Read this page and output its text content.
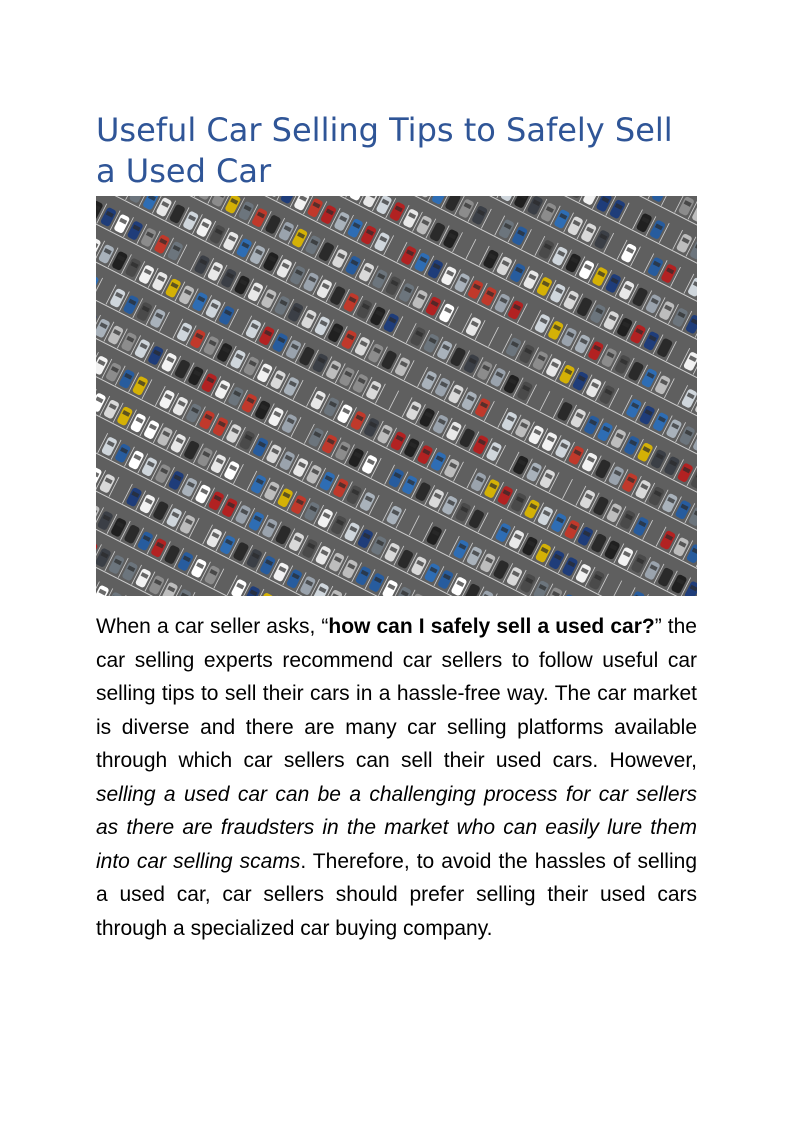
Useful Car Selling Tips to Safely Sell a Used Car

When a car seller asks, “how can I safely sell a used car?” the car selling experts recommend car sellers to follow useful car selling tips to sell their cars in a hassle-free way. The car market is diverse and there are many car selling platforms available through which car sellers can sell their used cars. However, selling a used car can be a challenging process for car sellers as there are fraudsters in the market who can easily lure them into car selling scams. Therefore, to avoid the hassles of selling a used car, car sellers should prefer selling their used cars through a specialized car buying company.
